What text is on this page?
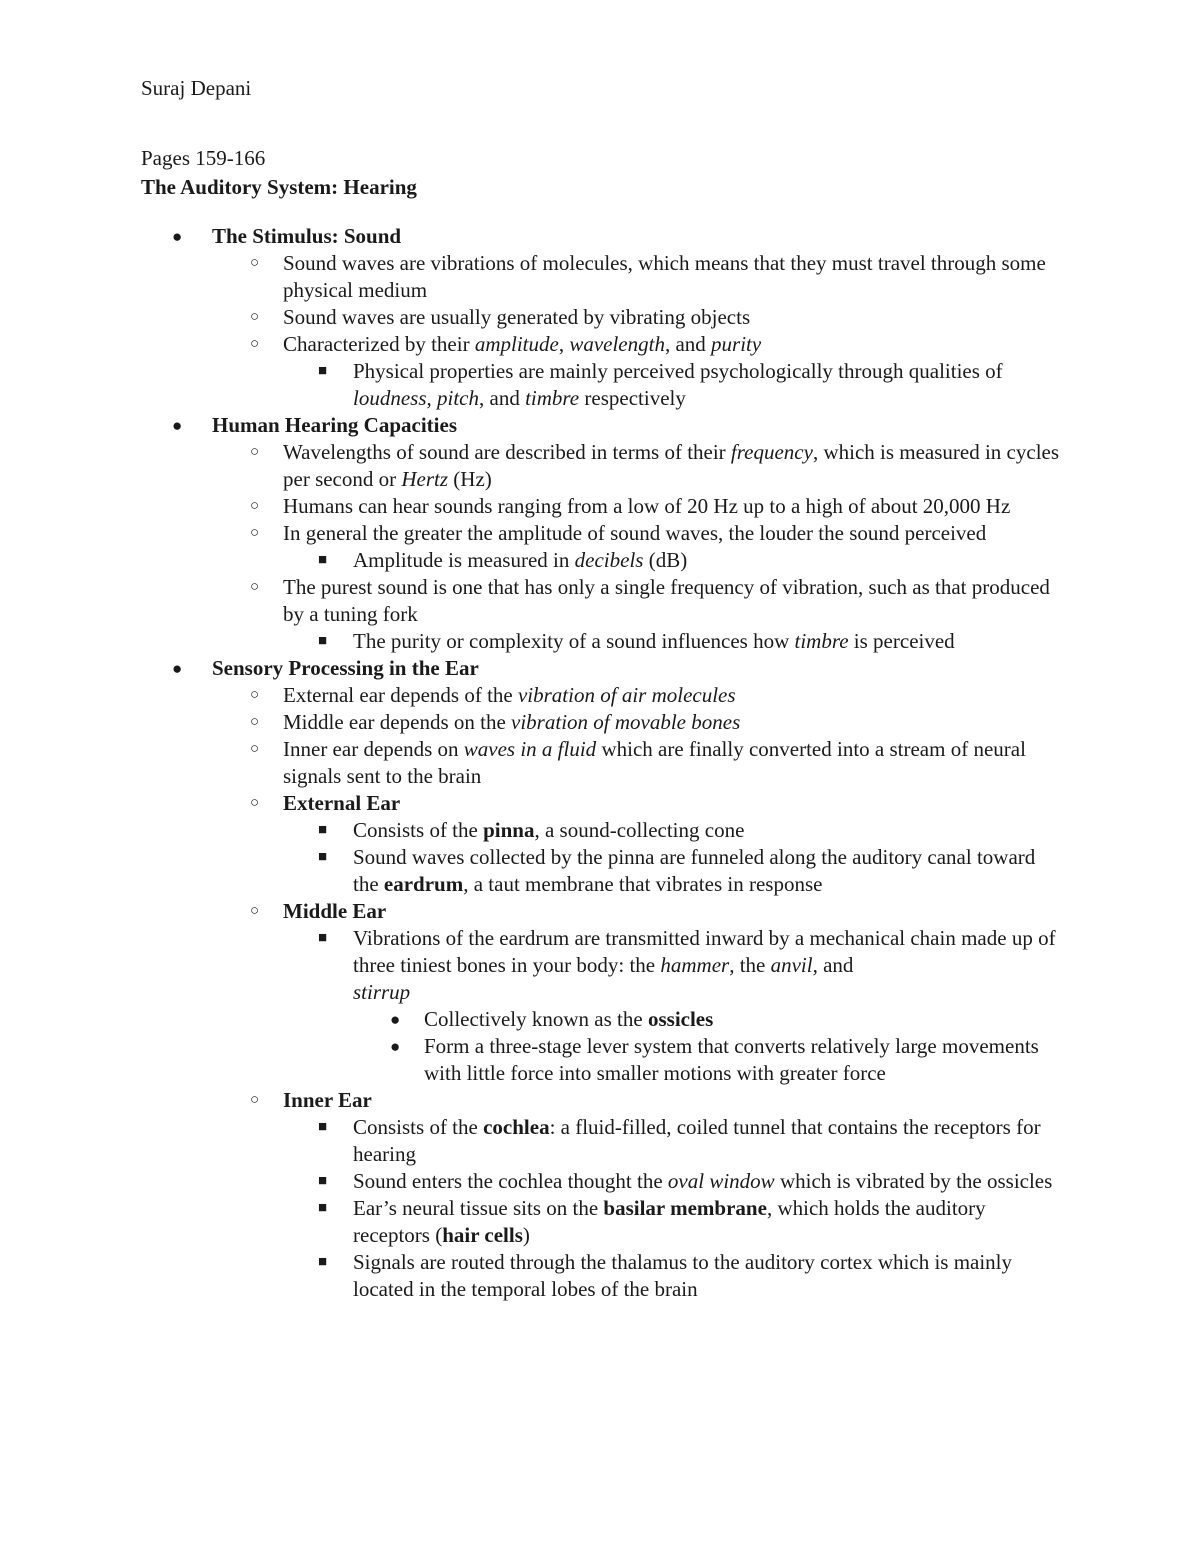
Suraj Depani
Pages 159-166
The Auditory System: Hearing
● The Stimulus: Sound
○ Sound waves are vibrations of molecules, which means that they must travel through some physical medium
○ Sound waves are usually generated by vibrating objects
○ Characterized by their amplitude, wavelength, and purity
■ Physical properties are mainly perceived psychologically through qualities of loudness, pitch, and timbre respectively
● Human Hearing Capacities
○ Wavelengths of sound are described in terms of their frequency, which is measured in cycles per second or Hertz (Hz)
○ Humans can hear sounds ranging from a low of 20 Hz up to a high of about 20,000 Hz
○ In general the greater the amplitude of sound waves, the louder the sound perceived
■ Amplitude is measured in decibels (dB)
○ The purest sound is one that has only a single frequency of vibration, such as that produced by a tuning fork
■ The purity or complexity of a sound influences how timbre is perceived
● Sensory Processing in the Ear
○ External ear depends of the vibration of air molecules
○ Middle ear depends on the vibration of movable bones
○ Inner ear depends on waves in a fluid which are finally converted into a stream of neural signals sent to the brain
○ External Ear
■ Consists of the pinna, a sound-collecting cone
■ Sound waves collected by the pinna are funneled along the auditory canal toward the eardrum, a taut membrane that vibrates in response
○ Middle Ear
■ Vibrations of the eardrum are transmitted inward by a mechanical chain made up of three tiniest bones in your body: the hammer, the anvil, and
stirrup
● Collectively known as the ossicles
● Form a three-stage lever system that converts relatively large movements with little force into smaller motions with greater force
○ Inner Ear
■ Consists of the cochlea: a fluid-filled, coiled tunnel that contains the receptors for hearing
■ Sound enters the cochlea thought the oval window which is vibrated by the ossicles
■ Ear’s neural tissue sits on the basilar membrane, which holds the auditory receptors (hair cells)
■ Signals are routed through the thalamus to the auditory cortex which is mainly located in the temporal lobes of the brain
